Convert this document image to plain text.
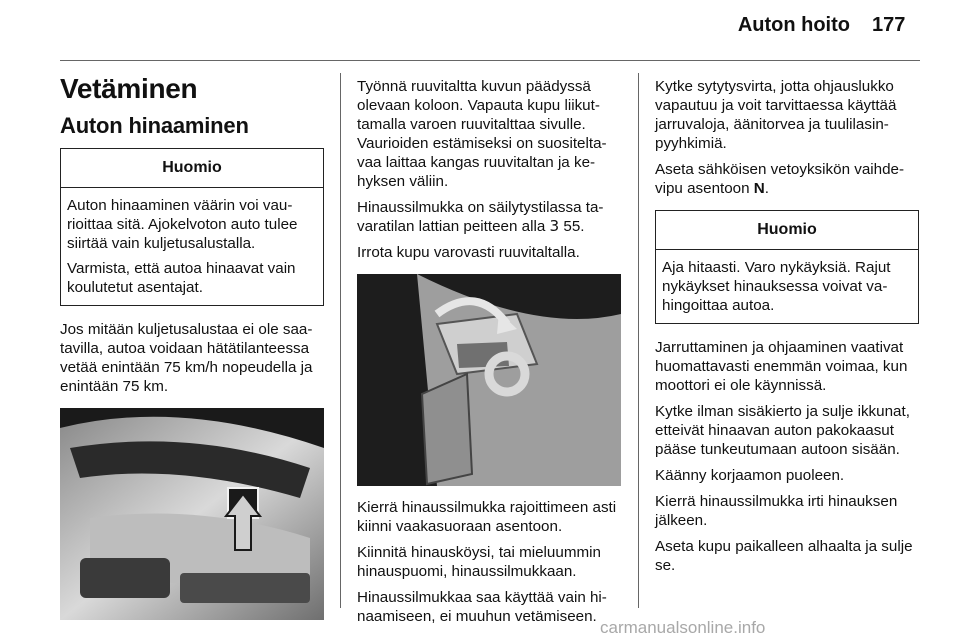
Auton hoito 177
Vetäminen
Auton hinaaminen
Huomio

Auton hinaaminen väärin voi vau-rioittaa sitä. Ajokelvoton auto tulee siirtää vain kuljetusalustalla.

Varmista, että autoa hinaavat vain koulutetut asentajat.

Jos mitään kuljetusalustaa ei ole saa-tavilla, autoa voidaan hätätilanteessa vetää enintään 75 km/h nopeudella ja enintään 75 km.

Työnnä ruuvitaltta kuvun päädyssä olevaan koloon. Vapauta kupu liikut-tamalla varoen ruuvitalttaa sivulle. Vaurioiden estämiseksi on suositelta-vaa laittaa kangas ruuvitaltan ja ke-hyksen väliin.

Hinaussilmukka on säilytystilassa ta-varatilan lattian peitteen alla 3 55.

Irrota kupu varovasti ruuvitaltalla.

Kierrä hinaussilmukka rajoittimeen asti kiinni vaakasuoraan asentoon.

Kiinnitä hinausköysi, tai mieluummin hinauspuomi, hinaussilmukkaan.

Hinaussilmukkaa saa käyttää vain hi-naamiseen, ei muuhun vetämiseen.

Kytke sytytysvirta, jotta ohjauslukko vapautuu ja voit tarvittaessa käyttää jarruvaloja, äänitorvea ja tuulilasin-pyyhkimiä.

Aseta sähköisen vetoyksikön vaihde-vipu asentoon N.

Huomio

Aja hitaasti. Varo nykäyksiä. Rajut nykäykset hinauksessa voivat va-hingoittaa autoa.

Jarruttaminen ja ohjaaminen vaativat huomattavasti enemmän voimaa, kun moottori ei ole käynnissä.

Kytke ilman sisäkierto ja sulje ikkunat, etteivät hinaavan auton pakokaasut pääse tunkeutumaan autoon sisään.

Käänny korjaamon puoleen.

Kierrä hinaussilmukka irti hinauksen jälkeen.

Aseta kupu paikalleen alhaalta ja sulje se.

carmanualsonline.info
